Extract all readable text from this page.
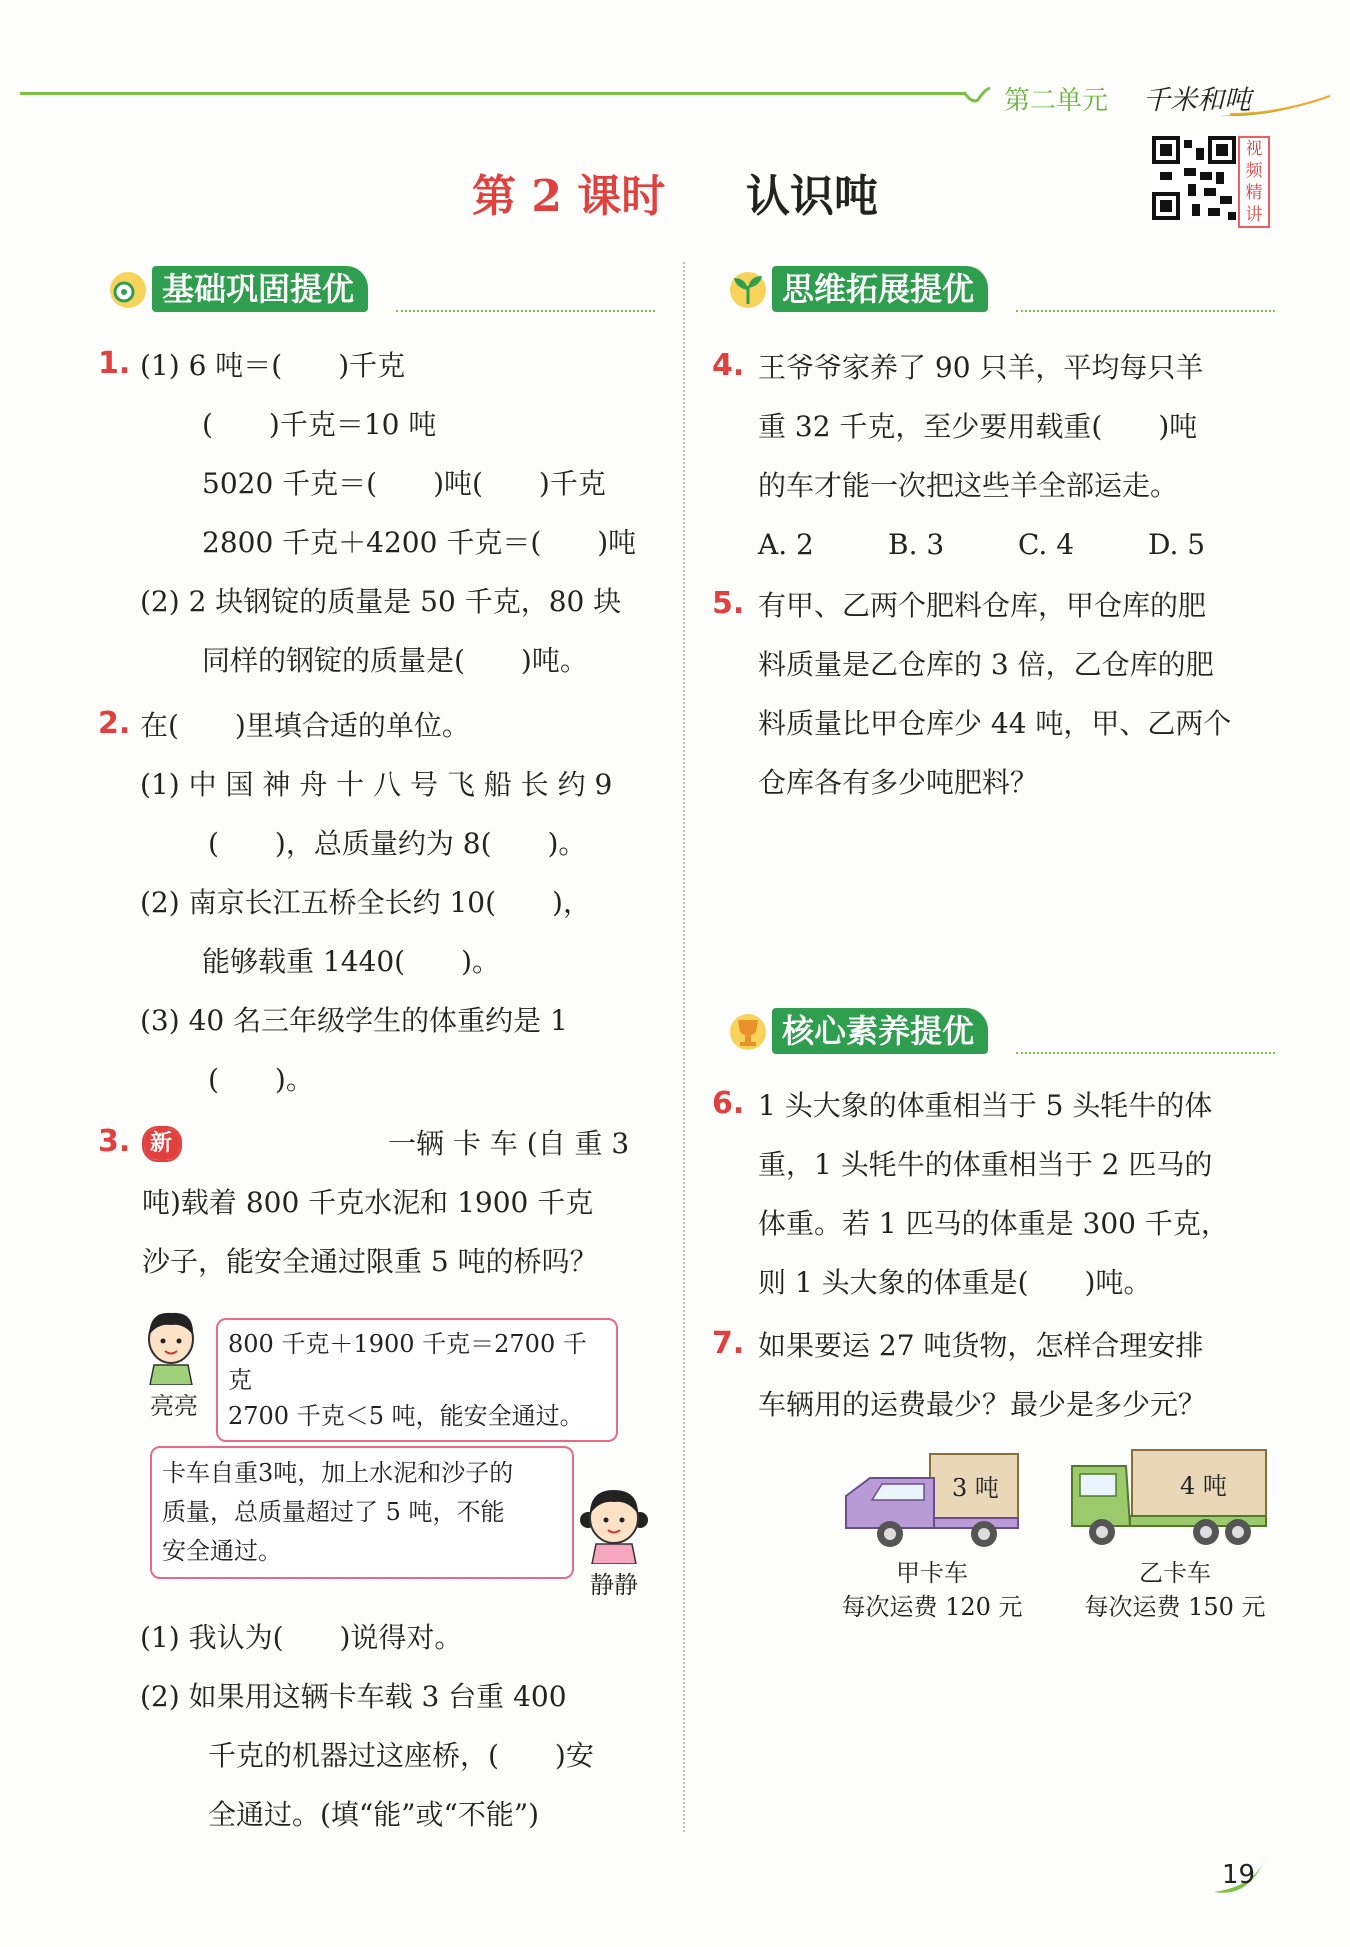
第二单元 千米和吨
第 2 课时 认识吨
视频精讲
基础巩固提优
1. (1) 6 吨＝(　　)千克
(　　)千克＝10 吨
5020 千克＝(　　)吨(　　)千克
2800 千克＋4200 千克＝(　　)吨
(2) 2 块钢锭的质量是 50 千克，80 块
同样的钢锭的质量是(　　)吨。
2. 在(　　)里填合适的单位。
(1) 中 国 神 舟 十 八 号 飞 船 长 约 9
(　　)，总质量约为 8(　　)。
(2) 南京长江五桥全长约 10(　　)，
能够载重 1440(　　)。
(3) 40 名三年级学生的体重约是 1
(　　)。
3. 新	一辆 卡 车 (自 重 3
吨)载着 800 千克水泥和 1900 千克
沙子，能安全通过限重 5 吨的桥吗？
亮亮
800 千克＋1900 千克＝2700 千克
2700 千克＜5 吨，能安全通过。
卡车自重3吨，加上水泥和沙子的
质量，总质量超过了 5 吨，不能
安全通过。
静静
(1) 我认为(　　)说得对。
(2) 如果用这辆卡车载 3 台重 400
千克的机器过这座桥，(　　)安
全通过。(填“能”或“不能”)
思维拓展提优
4. 王爷爷家养了 90 只羊，平均每只羊
重 32 千克，至少要用载重(　　)吨
的车才能一次把这些羊全部运走。
A. 2	B. 3	C. 4	D. 5
5. 有甲、乙两个肥料仓库，甲仓库的肥
料质量是乙仓库的 3 倍，乙仓库的肥
料质量比甲仓库少 44 吨，甲、乙两个
仓库各有多少吨肥料？
核心素养提优
6. 1 头大象的体重相当于 5 头牦牛的体
重，1 头牦牛的体重相当于 2 匹马的
体重。若 1 匹马的体重是 300 千克，
则 1 头大象的体重是(　　)吨。
7. 如果要运 27 吨货物，怎样合理安排
车辆用的运费最少？最少是多少元？
3 吨
甲卡车
每次运费 120 元
4 吨
乙卡车
每次运费 150 元
19
